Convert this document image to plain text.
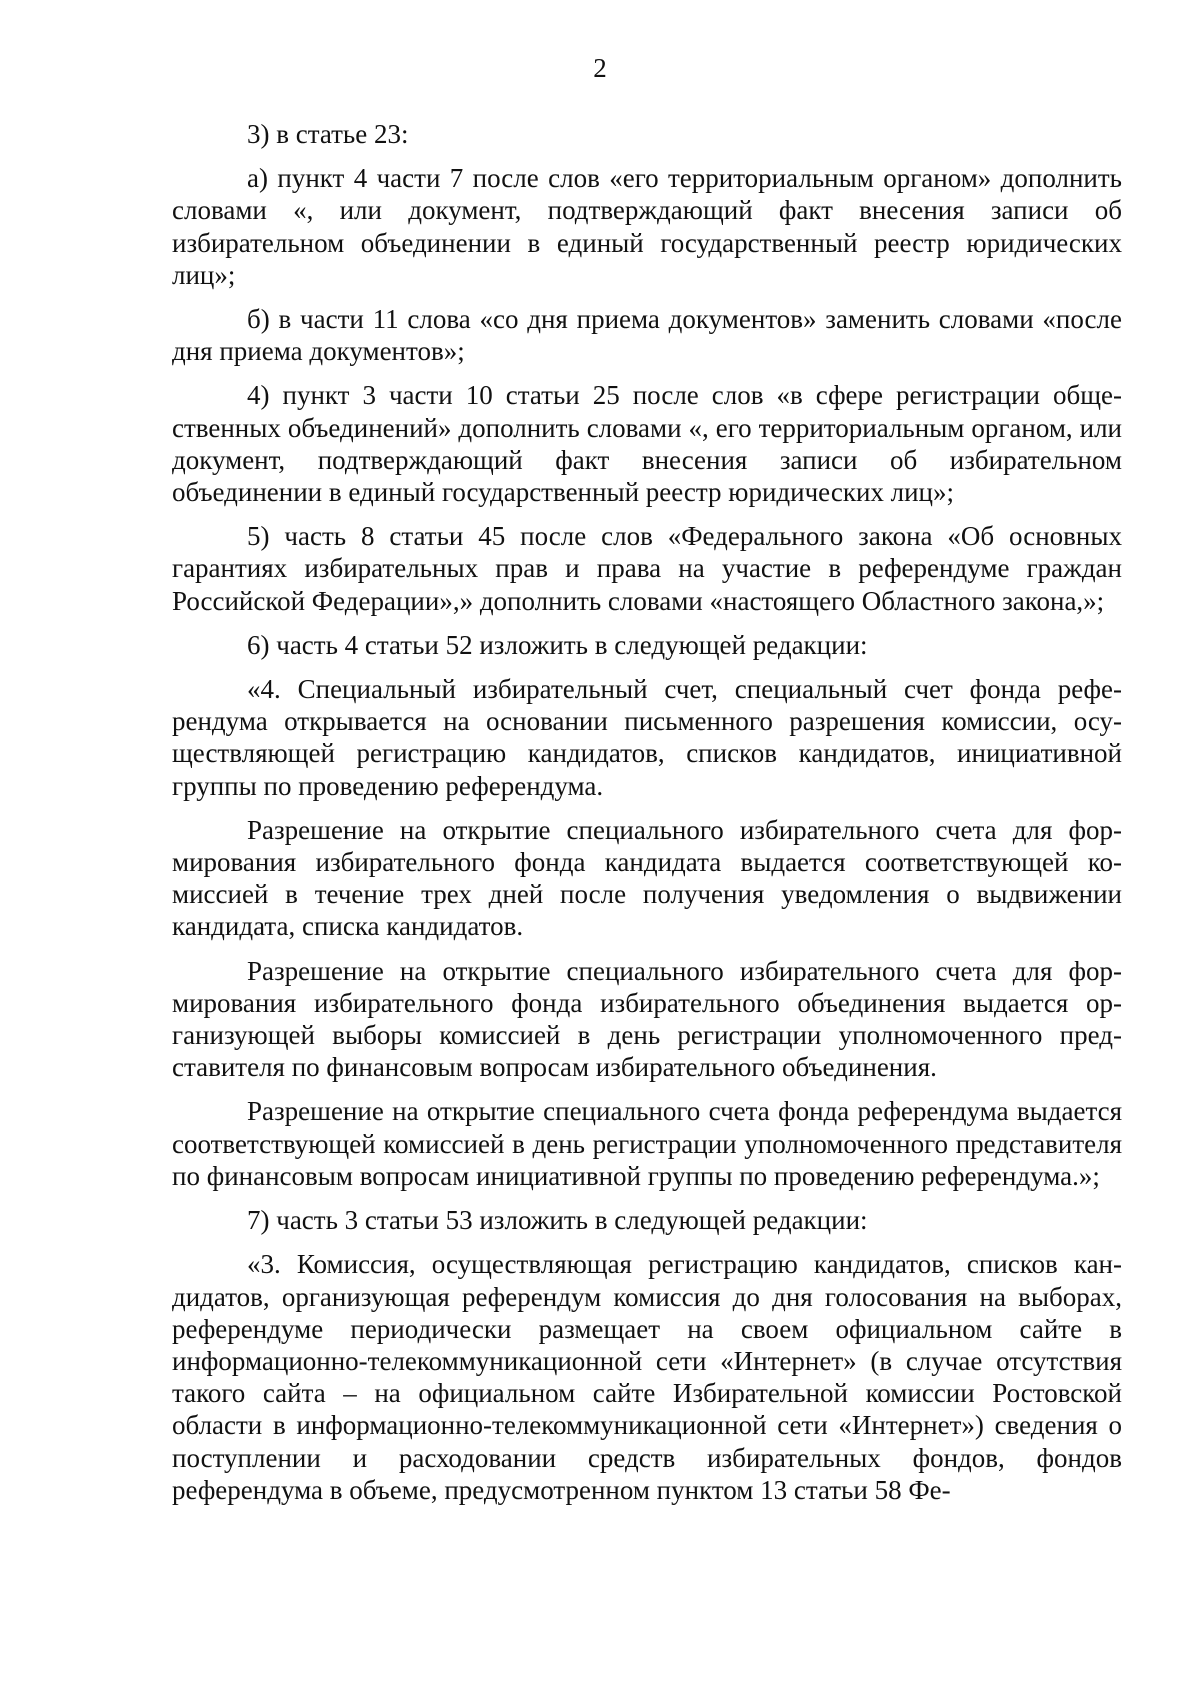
2

3) в статье 23:

а) пункт 4 части 7 после слов «его территориальным органом» дополнить словами «, или документ, подтверждающий факт внесения записи об избирательном объединении в единый государственный реестр юридических лиц»;

б) в части 11 слова «со дня приема документов» заменить словами «после дня приема документов»;

4) пункт 3 части 10 статьи 25 после слов «в сфере регистрации общественных объединений» дополнить словами «, его территориальным органом, или документ, подтверждающий факт внесения записи об избирательном объединении в единый государственный реестр юридических лиц»;

5) часть 8 статьи 45 после слов «Федерального закона «Об основных гарантиях избирательных прав и права на участие в референдуме граждан Российской Федерации»,» дополнить словами «настоящего Областного закона,»;

6) часть 4 статьи 52 изложить в следующей редакции:

«4. Специальный избирательный счет, специальный счет фонда референдума открывается на основании письменного разрешения комиссии, осуществляющей регистрацию кандидатов, списков кандидатов, инициативной группы по проведению референдума.

Разрешение на открытие специального избирательного счета для формирования избирательного фонда кандидата выдается соответствующей комиссией в течение трех дней после получения уведомления о выдвижении кандидата, списка кандидатов.

Разрешение на открытие специального избирательного счета для формирования избирательного фонда избирательного объединения выдается организующей выборы комиссией в день регистрации уполномоченного представителя по финансовым вопросам избирательного объединения.

Разрешение на открытие специального счета фонда референдума выдается соответствующей комиссией в день регистрации уполномоченного представителя по финансовым вопросам инициативной группы по проведению референдума.»;

7) часть 3 статьи 53 изложить в следующей редакции:

«3. Комиссия, осуществляющая регистрацию кандидатов, списков кандидатов, организующая референдум комиссия до дня голосования на выборах, референдуме периодически размещает на своем официальном сайте в информационно-телекоммуникационной сети «Интернет» (в случае отсутствия такого сайта – на официальном сайте Избирательной комиссии Ростовской области в информационно-телекоммуникационной сети «Интернет») сведения о поступлении и расходовании средств избирательных фондов, фондов референдума в объеме, предусмотренном пунктом 13 статьи 58 Фе-
